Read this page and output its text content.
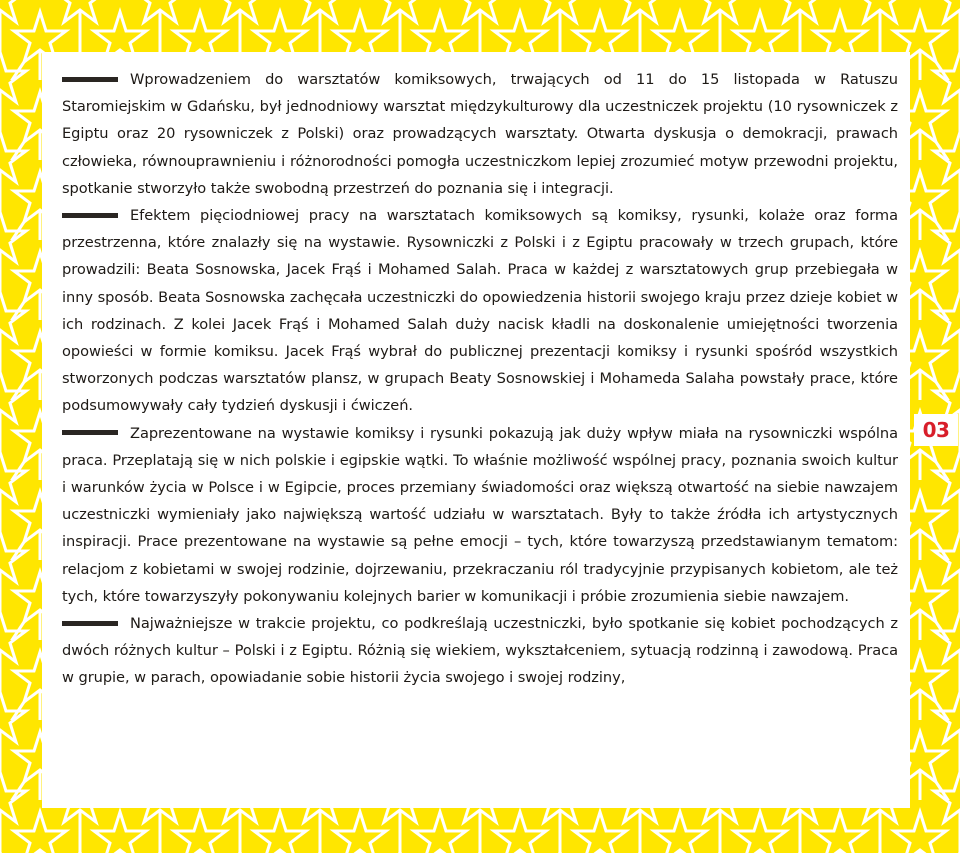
Wprowadzeniem do warsztatów komiksowych, trwających od 11 do 15 listopada w Ratuszu Staromiejskim w Gdańsku, był jednodniowy warsztat międzykulturowy dla uczestniczek projektu (10 rysowniczek z Egiptu oraz 20 rysowniczek z Polski) oraz prowadzących warsztaty. Otwarta dyskusja o demokracji, prawach człowieka, równouprawnieniu i różnorodności pomogła uczestniczkom lepiej zrozumieć motyw przewodni projektu, spotkanie stworzyło także swobodną przestrzeń do poznania się i integracji.

Efektem pięciodniowej pracy na warsztatach komiksowych są komiksy, rysunki, kolaże oraz forma przestrzenna, które znalazły się na wystawie. Rysowniczki z Polski i z Egiptu pracowały w trzech grupach, które prowadzili: Beata Sosnowska, Jacek Frąś i Mohamed Salah. Praca w każdej z warsztatowych grup przebiegała w inny sposób. Beata Sosnowska zachęcała uczestniczki do opowiedzenia historii swojego kraju przez dzieje kobiet w ich rodzinach. Z kolei Jacek Frąś i Mohamed Salah duży nacisk kładli na doskonalenie umiejętności tworzenia opowieści w formie komiksu. Jacek Frąś wybrał do publicznej prezentacji komiksy i rysunki spośród wszystkich stworzonych podczas warsztatów plansz, w grupach Beaty Sosnowskiej i Mohameda Salaha powstały prace, które podsumowywały cały tydzień dyskusji i ćwiczeń.

Zaprezentowane na wystawie komiksy i rysunki pokazują jak duży wpływ miała na rysowniczki wspólna praca. Przeplatają się w nich polskie i egipskie wątki. To właśnie możliwość wspólnej pracy, poznania swoich kultur i warunków życia w Polsce i w Egipcie, proces przemiany świadomości oraz większą otwartość na siebie nawzajem uczestniczki wymieniały jako największą wartość udziału w warsztatach. Były to także źródła ich artystycznych inspiracji. Prace prezentowane na wystawie są pełne emocji – tych, które towarzyszą przedstawianym tematom: relacjom z kobietami w swojej rodzinie, dojrzewaniu, przekraczaniu ról tradycyjnie przypisanych kobietom, ale też tych, które towarzyszyły pokonywaniu kolejnych barier w komunikacji i próbie zrozumienia siebie nawzajem.

Najważniejsze w trakcie projektu, co podkreślają uczestniczki, było spotkanie się kobiet pochodzących z dwóch różnych kultur – Polski i z Egiptu. Różnią się wiekiem, wykształceniem, sytuacją rodzinną i zawodową. Praca w grupie, w parach, opowiadanie sobie historii życia swojego i swojej rodziny,

03
